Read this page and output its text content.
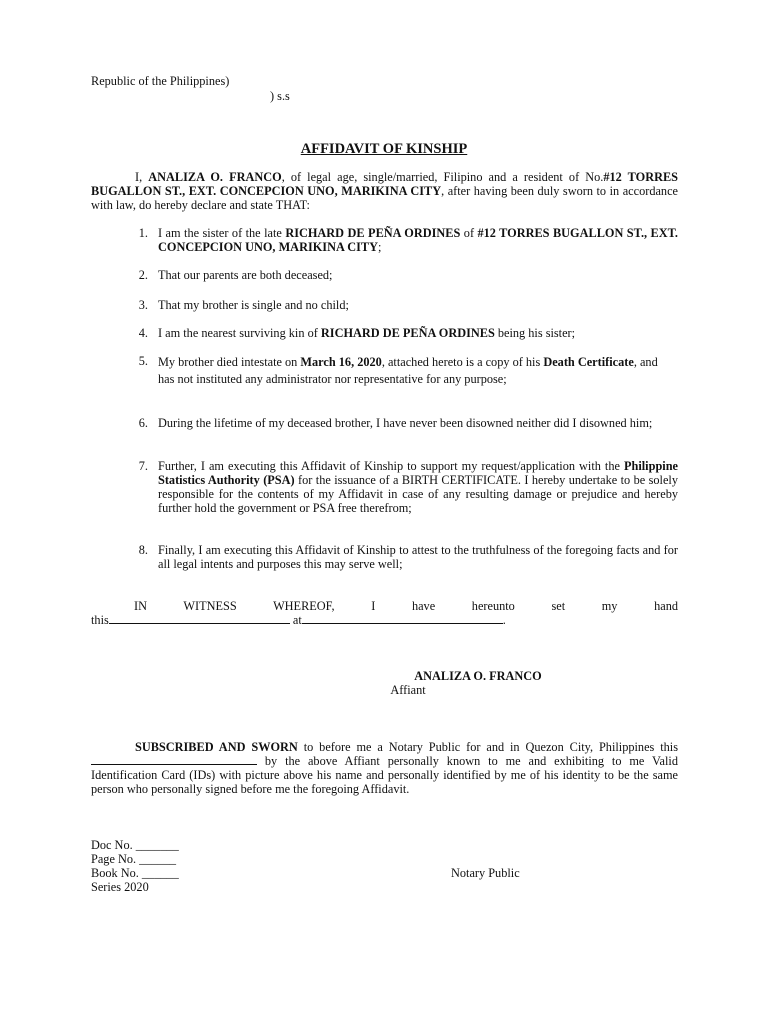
Republic of the Philippines)
) s.s
AFFIDAVIT OF KINSHIP
I, ANALIZA O. FRANCO, of legal age, single/married, Filipino and a resident of No.#12 TORRES BUGALLON ST., EXT. CONCEPCION UNO, MARIKINA CITY, after having been duly sworn to in accordance with law, do hereby declare and state THAT:
1. I am the sister of the late RICHARD DE PEÑA ORDINES of #12 TORRES BUGALLON ST., EXT. CONCEPCION UNO, MARIKINA CITY;
2. That our parents are both deceased;
3. That my brother is single and no child;
4. I am the nearest surviving kin of RICHARD DE PEÑA ORDINES being his sister;
5. My brother died intestate on March 16, 2020, attached hereto is a copy of his Death Certificate, and has not instituted any administrator nor representative for any purpose;
6. During the lifetime of my deceased brother, I have never been disowned neither did I disowned him;
7. Further, I am executing this Affidavit of Kinship to support my request/application with the Philippine Statistics Authority (PSA) for the issuance of a BIRTH CERTIFICATE. I hereby undertake to be solely responsible for the contents of my Affidavit in case of any resulting damage or prejudice and hereby further hold the government or PSA free therefrom;
8. Finally, I am executing this Affidavit of Kinship to attest to the truthfulness of the foregoing facts and for all legal intents and purposes this may serve well;
IN WITNESS WHEREOF, I have hereunto set my hand
this	at	.
ANALIZA O. FRANCO
Affiant
SUBSCRIBED AND SWORN to before me a Notary Public for and in Quezon City, Philippines this by the above Affiant personally known to me and exhibiting to me Valid Identification Card (IDs) with picture above his name and personally identified by me of his identity to be the same person who personally signed before me the foregoing Affidavit.
Doc No. _______
Page No. ______
Book No. ______
Series 2020
Notary Public
